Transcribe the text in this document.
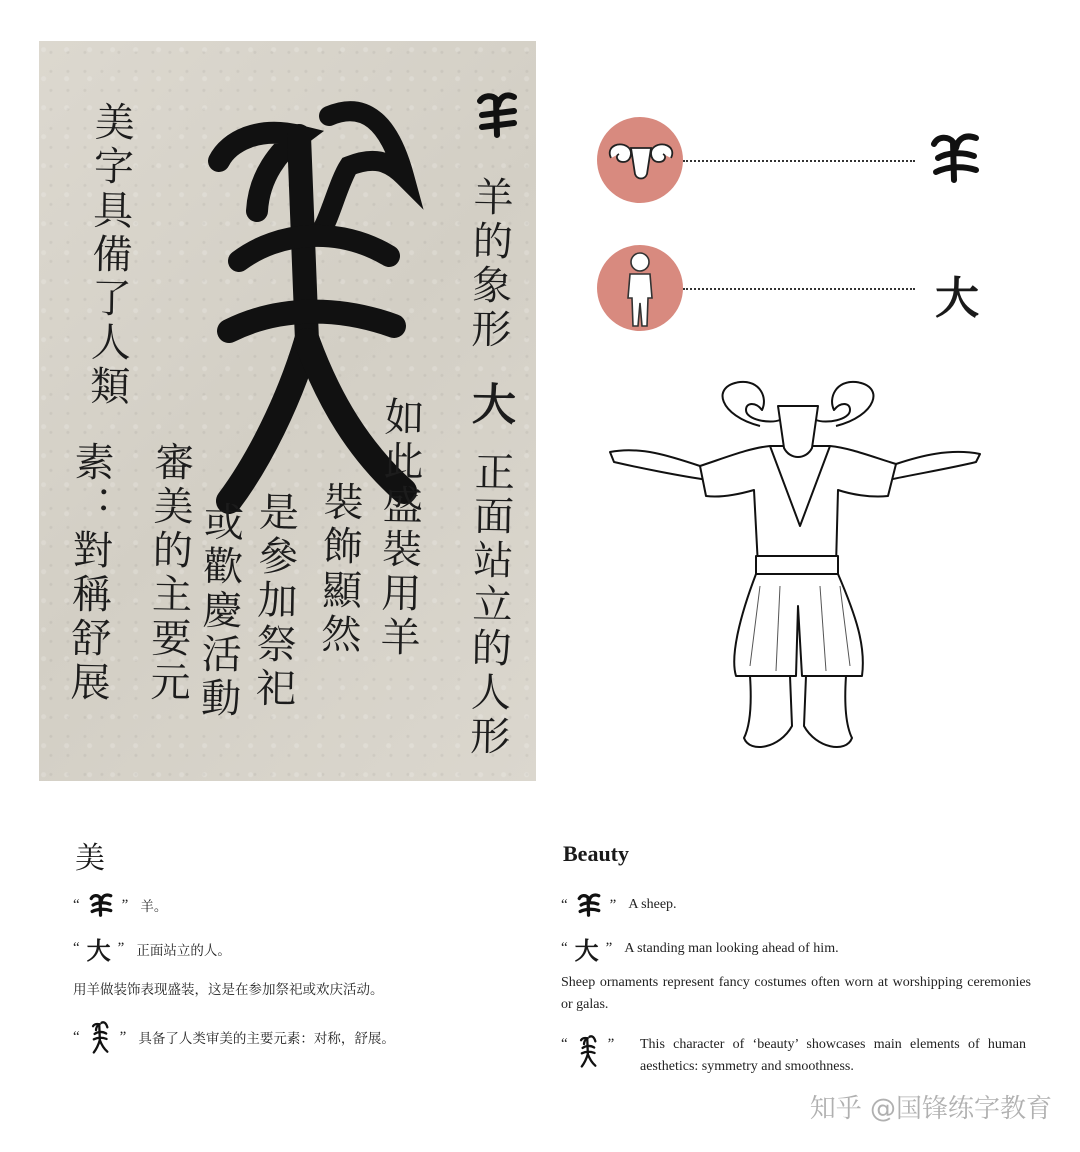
美字具備了人類
素：對稱舒展 審美的主要元 或歡慶活動 是參加祭祀 裝飾顯然 如此盛裝用羊 正面站立的人形
羊的象形
大
大
美
“	” 羊。
“ 大 ” 正面站立的人。
用羊做装饰表现盛装，这是在参加祭祀或欢庆活动。
“	” 具备了人类审美的主要元素：对称，舒展。
Beauty
“	” A sheep.
“ 大 ” A standing man looking ahead of him.
Sheep ornaments represent fancy costumes often worn at worshipping ceremonies or galas.
“	” This character of ‘beauty’ showcases main elements of human aesthetics: symmetry and smoothness.
知乎 @国锋练字教育
